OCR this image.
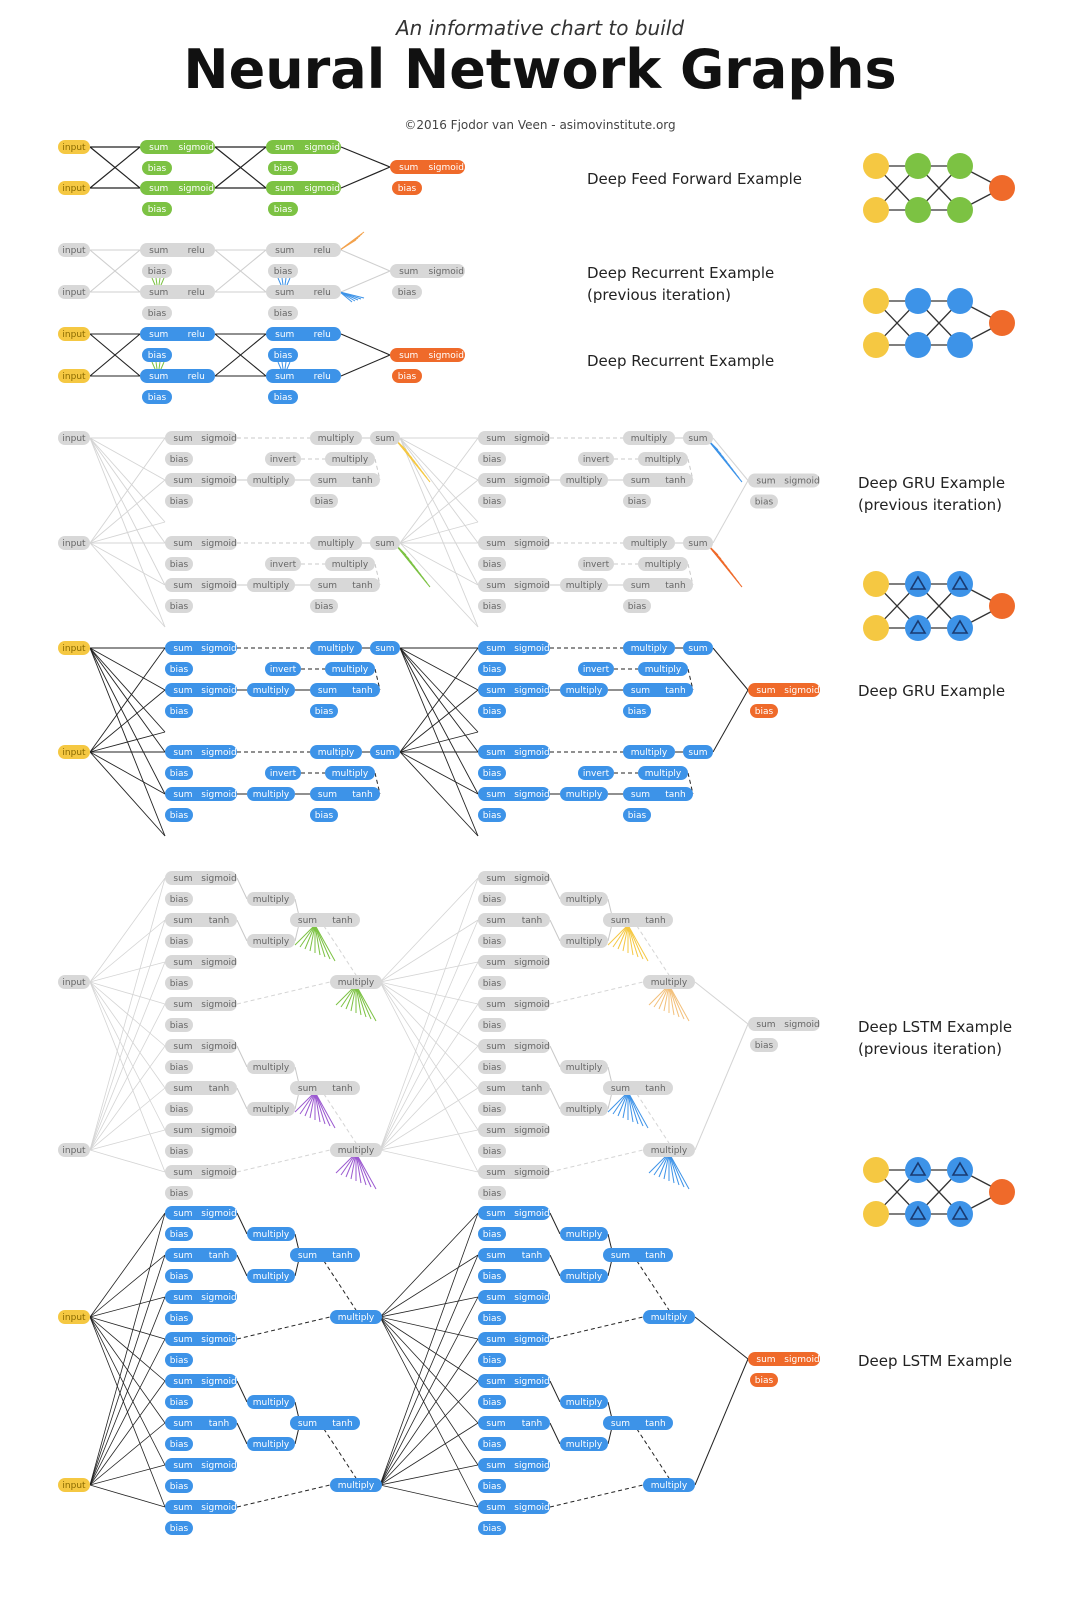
An informative chart to build
Neural Network Graphs
©2016 Fjodor van Veen - asimovinstitute.org
input
input
sum sigmoid
bias
sum sigmoid
bias
sum sigmoid
bias
sum sigmoid
bias
sum sigmoid
bias
input
input
sum relu
bias
sum relu
bias
sum relu
bias
sum relu
bias
sum sigmoid
bias
input
input
sum relu
bias
sum relu
bias
sum relu
bias
sum relu
bias
sum sigmoid
bias
input
input
sum sigmoid
bias
sum sigmoid
bias
invert
multiply
multiply sum
multiply
sum tanh
bias
sum sigmoid
bias
sum sigmoid
bias
invert
multiply
multiply sum
multiply
sum tanh
bias
sum sigmoid
bias
sum sigmoid
bias
invert
multiply
multiply sum
multiply
sum tanh
bias
sum sigmoid
bias
sum sigmoid
bias
invert
multiply
multiply sum
multiply
sum tanh
bias
sum sigmoid
bias
input
input
sum sigmoid
bias
sum sigmoid
bias
invert
multiply
multiply sum
multiply
sum tanh
bias
sum sigmoid
bias
sum sigmoid
bias
invert
multiply
multiply sum
multiply
sum tanh
bias
sum sigmoid
bias
sum sigmoid
bias
invert
multiply
multiply sum
multiply
sum tanh
bias
sum sigmoid
bias
sum sigmoid
bias
invert
multiply
multiply sum
multiply
sum tanh
bias
sum sigmoid
bias
input
input
sum sigmoid
bias
sum tanh
bias
sum sigmoid
bias
sum sigmoid
bias
multiply
multiply
sum tanh
sum sigmoid
bias
sum tanh
bias
sum sigmoid
bias
sum sigmoid
bias
multiply
multiply
sum tanh
sum sigmoid
bias
sum tanh
bias
sum sigmoid
bias
sum sigmoid
bias
multiply
multiply
sum tanh
sum sigmoid
bias
sum tanh
bias
sum sigmoid
bias
sum sigmoid
bias
multiply
multiply
sum tanh
multiply
multiply
multiply
multiply
sum sigmoid
bias
input
input
sum sigmoid
bias
sum tanh
bias
sum sigmoid
bias
sum sigmoid
bias
multiply
multiply
sum tanh
sum sigmoid
bias
sum tanh
bias
sum sigmoid
bias
sum sigmoid
bias
multiply
multiply
sum tanh
sum sigmoid
bias
sum tanh
bias
sum sigmoid
bias
sum sigmoid
bias
multiply
multiply
sum tanh
sum sigmoid
bias
sum tanh
bias
sum sigmoid
bias
sum sigmoid
bias
multiply
multiply
sum tanh
multiply
multiply
multiply
multiply
sum sigmoid
bias
Deep Feed Forward Example
Deep Recurrent Example
(previous iteration)
Deep Recurrent Example
Deep GRU Example
(previous iteration)
Deep GRU Example
Deep LSTM Example
(previous iteration)
Deep LSTM Example
